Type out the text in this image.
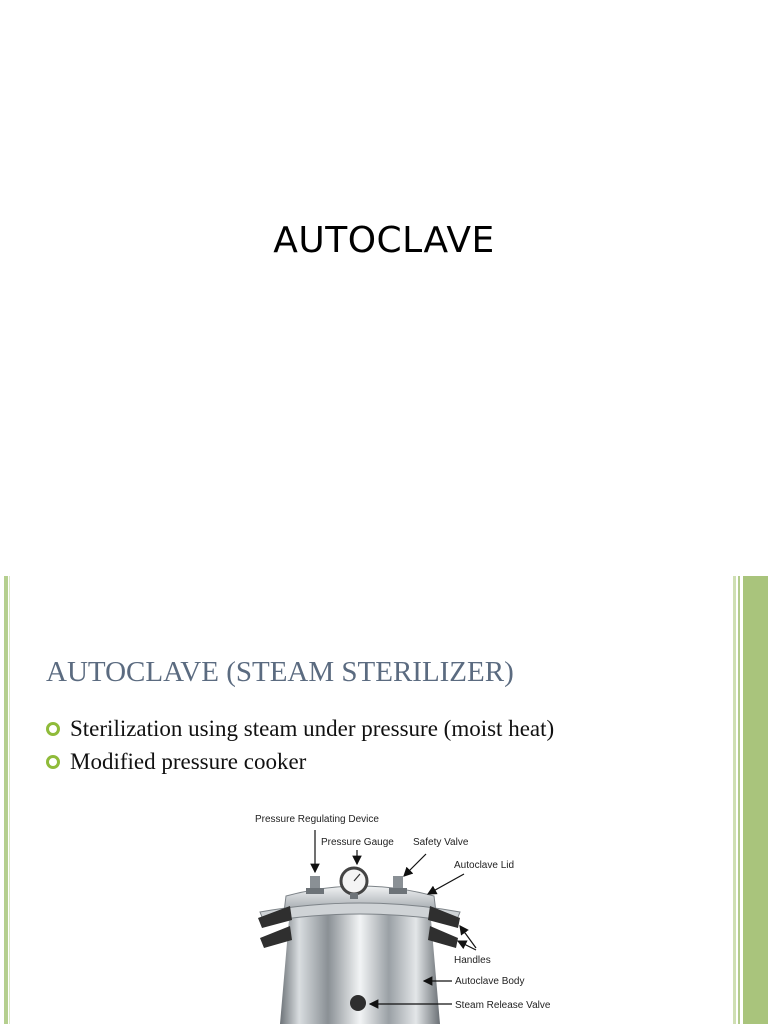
AUTOCLAVE
AUTOCLAVE (STEAM STERILIZER)
Sterilization using steam under pressure (moist heat)
Modified pressure cooker
Pressure Regulating Device
Pressure Gauge Safety Valve
Autoclave Lid
Handles
Autoclave Body
Steam Release Valve
